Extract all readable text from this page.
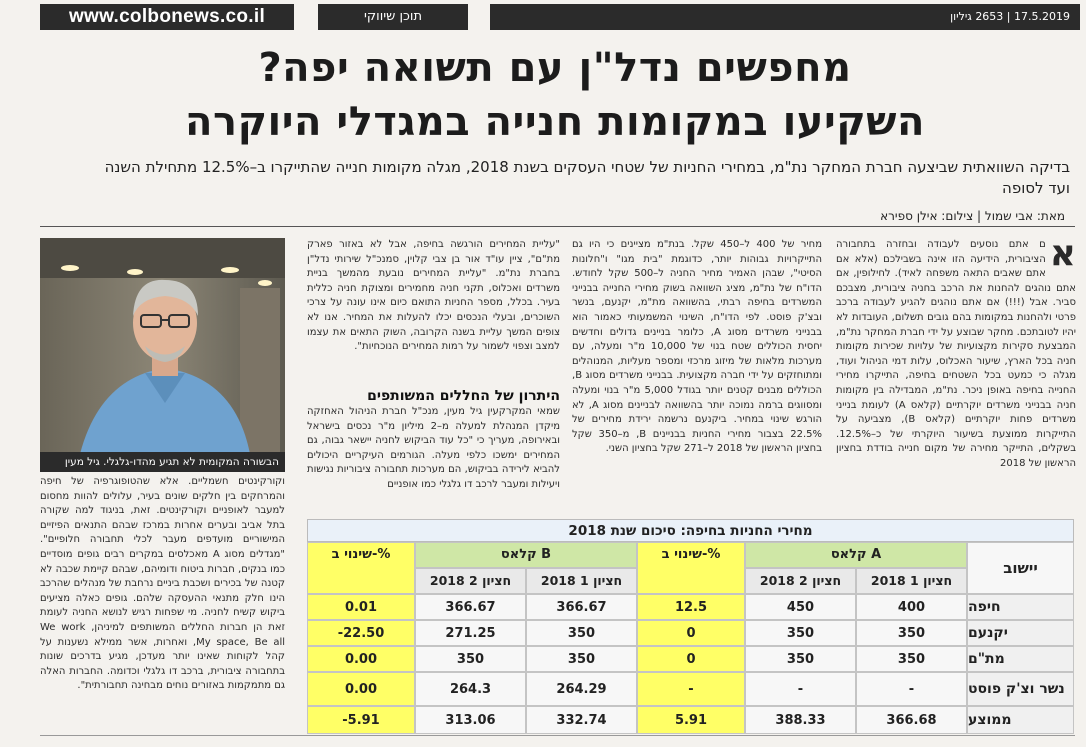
www.colbonews.co.il	תוכן שיווקי	17.5.2019 | 2653 גיליון
מחפשים נדל"ן עם תשואה יפה?
השקיעו במקומות חנייה במגדלי היוקרה
בדיקה השוואתית שביצעה חברת המחקר נת"מ, במחירי החניות של שטחי העסקים בשנת 2018, מגלה מקומות חנייה שהתייקרו ב–12.5% מתחילת השנה ועד לסופה
מאת: אבי שמול | צילום: אילן ספירא
א
ם אתם נוסעים לעבודה ובחזרה בתחבורה הציבורית, הידיעה הזו אינה בשבילכם (אלא אם אתם שאבים התאה משפחה לאיד). לחילופין, אם אתם נוהגים להחנות את הרכב בחניה ציבורית, מצבכם סביר. אבל (!!!) אם אתם נוהגים להגיע לעבודה ברכב פרטי ולהחנות במקומות בהם גובים תשלום, העובדות לא יהיו לטובתכם. מחקר שבוצע על ידי חברת המחקר נת"מ, המבצעת סקירות מקצועיות של עלויות שכירות מקומות חניה בכל הארץ, שיעור האכלוס, עלות דמי הניהול ועוד, מגלה כי כמעט בכל השטחים בחיפה, התייקרו מחירי החנייה בחיפה באופן ניכר. נת"מ, המבדילה בין מקומות חניה בבנייני משרדים יוקרתיים (קלאס A) לעומת בנייני משרדים פחות יוקרתיים (קלאס B), מצביעה על התייקרות ממוצעת בשיעור היוקרתי של כ–12.5%. בשקלים, התייקר מחירה של מקום חנייה בודדת בחציון הראשון של 2018
מחיר של 400 ל–450 שקל. בנת"מ מציינים כי היו גם התייקרויות גבוהות יותר, כדוגמת "בית מגו" ו"חלונות הסיטי", שבהן האמיר מחיר החניה ל–500 שקל לחודש. הדו"ח של נת"מ, מציג השוואה בשוק מחירי החנייה בבנייני המשרדים בחיפה רבתי, בהשוואה מת"מ, יקנעם, בנשר ובצ'ק פוסט. לפי הדו"ח, השינוי המשמעותי כאמור הוא בבנייני משרדים מסוג A, כלומר בניינים גדולים וחדשים יחסית הכוללים שטח בנוי של 10,000 מ"ר ומעלה, עם מערכות מלאות של מיזוג מרכזי ומספר מעליות, המנוהלים ומתוחזקים על ידי חברה מקצועית. בבנייני משרדים מסוג B, הכוללים מבנים קטנים יותר בגודל 5,000 מ"ר בנוי ומעלה ומסווגים ברמה נמוכה יותר בהשוואה לבניינים מסוג A, לא הורגש שינוי במחיר. ביקנעם נרשמה ירידת מחירים של 22.5% בצבור מחירי החניות בבניינים B, מ–350 שקל בחציון הראשון של 2018 ל–271 שקל בחציון השני.
"עליית המחירים הורגשה בחיפה, אבל לא באזור פארק מת"ם", ציין עו"ד אור בן צבי קלוין, סמנכ"ל שירותי נדל"ן בחברת נת"מ. "עליית המחירים נובעת מהמשך בניית משרדים ואכלוס, תקני חניה מחמירים ומצוקת חניה כללית בעיר. בכלל, מספר החניות התואם כיום אינו עונה על צרכי השוכרים, ובעלי הנכסים יכלו להעלות את המחיר. אנו לא צופים המשך עליית בשנה הקרובה, השוק התאים את עצמו למצב וצפוי לשמור על רמות המחירים הנוכחיות".
היתרון של החללים המשותפים
שמאי המקרקעין גיל מעין, מנכ"ל חברת הניהול האחזקה מיקדן המנהלת למעלה מ–2 מיליון מ"ר נכסים בישראל ובאירופה, מעריך כי "כל עוד הביקוש לחניה יישאר גבוה, גם המחירים ימשכו כלפי מעלה. הגורמים העיקריים היכולים להביא לירידה בביקוש, הם מערכות תחבורה ציבוריות נגישות ויעילות ומעבר לרכב דו גלגלי כמו אופניים
הבשורה המקומית לא תגיע מהדו-גלגלי. גיל מעין
וקורקינטים חשמליים. אלא שהטופוגרפיה של חיפה והמרחקים בין חלקים שונים בעיר, עלולים להוות מחסום למעבר לאופניים וקורקינטים. זאת, בניגוד למה שקורה בתל אביב ובערים אחרות במרכז שבהם התנאים הפיזיים המישוריים מועדפים מעבר לכלי תחבורה חלופיים". "מגדלים מסוג A מאכלסים במקרים רבים גופים מוסדיים כמו בנקים, חברות ביטוח ודומיהם, שבהם קיימת שכבה לא קטנה של בכירים ושכבת ביניים נרחבת של מנהלים שהרכב הינו חלק מתנאי ההעסקה שלהם. גופים כאלה מציעים ביקוש קשיח לחניה. מי שפחות רגיש לנושא החניה לעומת זאת הן חברות החללים המשותפים למיניהן, We work ,My space, Be all ואחרות, אשר ממילא נשענות על קהל לקוחות שאינו יותר מעדכן, מגיע בדרכים שונות בתחבורה ציבורית, ברכב דו גלגלי וכדומה. החברות האלה גם מתמקמות באזורים נוחים מבחינה תחבורתית".
מחירי החניות בחיפה: סיכום שנת 2018
יישוב
קלאס A
שינוי ב-%
קלאס B
שינוי ב-%
חציון 1 2018
חציון 2 2018
חציון 1 2018
חציון 2 2018
חיפה
400
450
12.5
366.67
366.67
0.01
יקנעם
350
350
0
350
271.25
-22.50
מת"ם
350
350
0
350
350
0.00
נשר וצ'ק פוסט
-
-
-
264.29
264.3
0.00
ממוצע
366.68
388.33
5.91
332.74
313.06
-5.91
